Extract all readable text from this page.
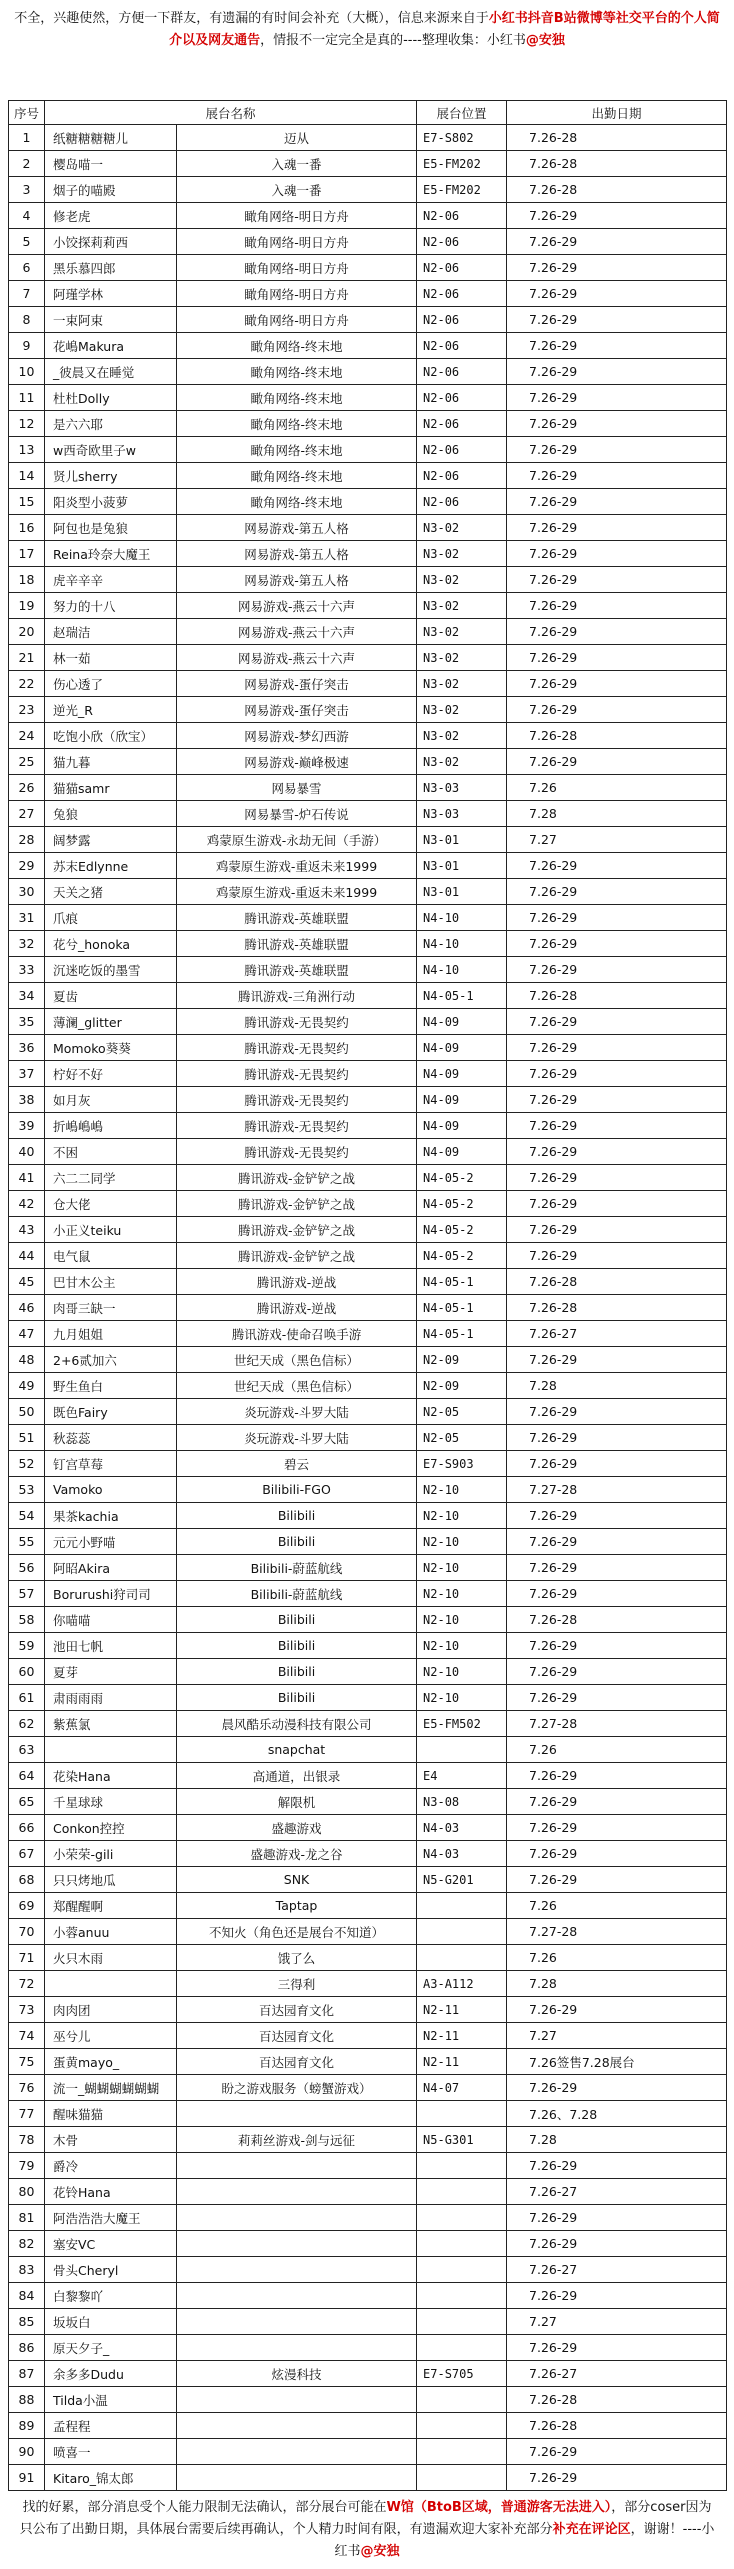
不全，兴趣使然，方便一下群友，有遗漏的有时间会补充（大概），信息来源来自于小红书抖音B站微博等社交平台的个人简介以及网友通告，情报不一定完全是真的----整理收集：小红书@安独
序号	展台名称		展台位置	出勤日期
1	纸糖糖糖糖儿	迈从	E7-S802	7.26-28
2	樱岛喵一	入魂一番	E5-FM202	7.26-28
3	烟子的喵殿	入魂一番	E5-FM202	7.26-28
4	修老虎	瞰角网络-明日方舟	N2-06	7.26-29
5	小饺探莉莉西	瞰角网络-明日方舟	N2-06	7.26-29
6	黑乐慕四郎	瞰角网络-明日方舟	N2-06	7.26-29
7	阿瑾学林	瞰角网络-明日方舟	N2-06	7.26-29
8	一束阿束	瞰角网络-明日方舟	N2-06	7.26-29
9	花嶋Makura	瞰角网络-终末地	N2-06	7.26-29
10	_彼晨又在睡觉	瞰角网络-终末地	N2-06	7.26-29
11	杜杜Dolly	瞰角网络-终末地	N2-06	7.26-29
12	是六六耶	瞰角网络-终末地	N2-06	7.26-29
13	w西奇欧里子w	瞰角网络-终末地	N2-06	7.26-29
14	贤儿sherry	瞰角网络-终末地	N2-06	7.26-29
15	阳炎型小菠萝	瞰角网络-终末地	N2-06	7.26-29
16	阿包也是兔狼	网易游戏-第五人格	N3-02	7.26-29
17	Reina玲奈大魔王	网易游戏-第五人格	N3-02	7.26-29
18	虎辛辛辛	网易游戏-第五人格	N3-02	7.26-29
19	努力的十八	网易游戏-燕云十六声	N3-02	7.26-29
20	赵瑞洁	网易游戏-燕云十六声	N3-02	7.26-29
21	林一茹	网易游戏-燕云十六声	N3-02	7.26-29
22	伤心透了	网易游戏-蛋仔突击	N3-02	7.26-29
23	逆光_R	网易游戏-蛋仔突击	N3-02	7.26-29
24	吃饱小欣（欣宝）	网易游戏-梦幻西游	N3-02	7.26-28
25	猫九暮	网易游戏-巅峰极速	N3-02	7.26-29
26	猫猫samr	网易暴雪	N3-03	7.26
27	兔狼	网易暴雪-炉石传说	N3-03	7.28
28	阔梦露	鸡蒙原生游戏-永劫无间（手游）	N3-01	7.27
29	苏末Edlynne	鸡蒙原生游戏-重返未来1999	N3-01	7.26-29
30	天关之猪	鸡蒙原生游戏-重返未来1999	N3-01	7.26-29
31	爪痕	腾讯游戏-英雄联盟	N4-10	7.26-29
32	花兮_honoka	腾讯游戏-英雄联盟	N4-10	7.26-29
33	沉迷吃饭的墨雪	腾讯游戏-英雄联盟	N4-10	7.26-29
34	夏齿	腾讯游戏-三角洲行动	N4-05-1	7.26-28
35	薄澜_glitter	腾讯游戏-无畏契约	N4-09	7.26-29
36	Momoko葵葵	腾讯游戏-无畏契约	N4-09	7.26-29
37	柠好不好	腾讯游戏-无畏契约	N4-09	7.26-29
38	如月灰	腾讯游戏-无畏契约	N4-09	7.26-29
39	折嶋嶋嶋	腾讯游戏-无畏契约	N4-09	7.26-29
40	不困	腾讯游戏-无畏契约	N4-09	7.26-29
41	六二二同学	腾讯游戏-金铲铲之战	N4-05-2	7.26-29
42	仓大佬	腾讯游戏-金铲铲之战	N4-05-2	7.26-29
43	小正义teiku	腾讯游戏-金铲铲之战	N4-05-2	7.26-29
44	电气鼠	腾讯游戏-金铲铲之战	N4-05-2	7.26-29
45	巴甘木公主	腾讯游戏-逆战	N4-05-1	7.26-28
46	肉哥三缺一	腾讯游戏-逆战	N4-05-1	7.26-28
47	九月姐姐	腾讯游戏-使命召唤手游	N4-05-1	7.26-27
48	2+6贰加六	世纪天成（黑色信标）	N2-09	7.26-29
49	野生鱼白	世纪天成（黑色信标）	N2-09	7.28
50	既色Fairy	炎玩游戏-斗罗大陆	N2-05	7.26-29
51	秋蕊蕊	炎玩游戏-斗罗大陆	N2-05	7.26-29
52	钉宫草莓	碧云	E7-S903	7.26-29
53	Vamoko	Bilibili-FGO	N2-10	7.27-28
54	果茶kachia	Bilibili	N2-10	7.26-29
55	元元小野喵	Bilibili	N2-10	7.26-29
56	阿昭Akira	Bilibili-蔚蓝航线	N2-10	7.26-29
57	Borurushi狩司司	Bilibili-蔚蓝航线	N2-10	7.26-29
58	你喵喵	Bilibili	N2-10	7.26-28
59	池田七帆	Bilibili	N2-10	7.26-29
60	夏芽	Bilibili	N2-10	7.26-29
61	肃雨雨雨	Bilibili	N2-10	7.26-29
62	紫蕉氯	晨风酷乐动漫科技有限公司	E5-FM502	7.27-28
63		snapchat		7.26
64	花染Hana	高通道，出银录	E4	7.26-29
65	千星球球	解限机	N3-08	7.26-29
66	Conkon控控	盛趣游戏	N4-03	7.26-29
67	小荣荣-gili	盛趣游戏-龙之谷	N4-03	7.26-29
68	只只烤地瓜	SNK	N5-G201	7.26-29
69	郑醒醒啊	Taptap		7.26
70	小蓉anuu	不知火（角色还是展台不知道）		7.27-28
71	火只木雨	饿了么		7.26
72		三得利	A3-A112	7.28
73	肉肉团	百达园育文化	N2-11	7.26-29
74	巫兮儿	百达园育文化	N2-11	7.27
75	蛋黄mayo_	百达园育文化	N2-11	7.26签售7.28展台
76	流一_蝴蝴蝴蝴蝴蝴	盼之游戏服务（螃蟹游戏）	N4-07	7.26-29
77	醒味猫猫			7.26、7.28
78	木骨	莉莉丝游戏-剑与远征	N5-G301	7.28
79	爵冷			7.26-29
80	花铃Hana			7.26-27
81	阿浩浩浩大魔王			7.26-29
82	塞安VC			7.26-29
83	骨头Cheryl			7.26-27
84	白黎黎吖			7.26-29
85	坂坂白			7.27
86	原天夕子_			7.26-29
87	余多多Dudu	炫漫科技	E7-S705	7.26-27
88	Tilda小温			7.26-28
89	孟程程			7.26-28
90	喷喜一			7.26-29
91	Kitaro_锦太郎			7.26-29
找的好累，部分消息受个人能力限制无法确认，部分展台可能在W馆（BtoB区域，普通游客无法进入），部分coser因为只公布了出勤日期，具体展台需要后续再确认，个人精力时间有限，有遗漏欢迎大家补充部分补充在评论区，谢谢！----小红书@安独
